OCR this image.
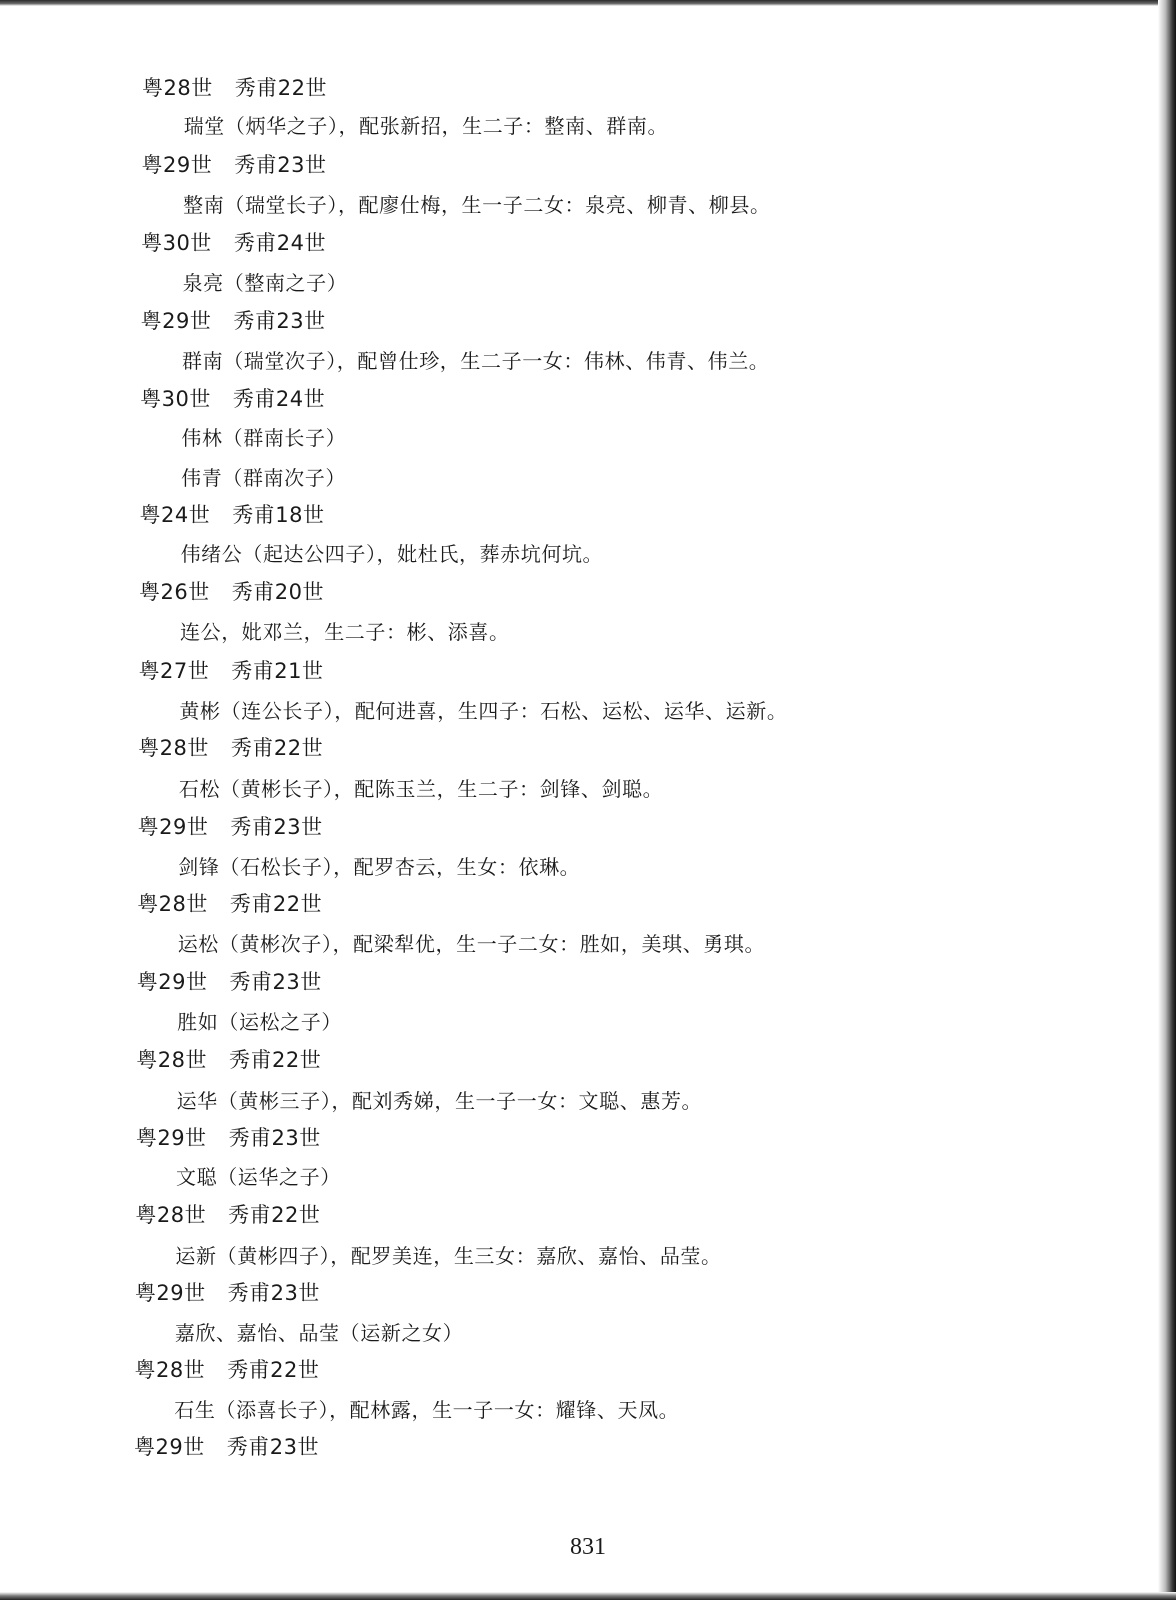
粤28世 秀甫22世
瑞堂（炳华之子），配张新招，生二子：整南、群南。
粤29世 秀甫23世
整南（瑞堂长子），配廖仕梅，生一子二女：泉亮、柳青、柳县。
粤30世 秀甫24世
泉亮（整南之子）
粤29世 秀甫23世
群南（瑞堂次子），配曾仕珍，生二子一女：伟林、伟青、伟兰。
粤30世 秀甫24世
伟林（群南长子）
伟青（群南次子）
粤24世 秀甫18世
伟绪公（起达公四子），妣杜氏，葬赤坑何坑。
粤26世 秀甫20世
连公，妣邓兰，生二子：彬、添喜。
粤27世 秀甫21世
黄彬（连公长子），配何进喜，生四子：石松、运松、运华、运新。
粤28世 秀甫22世
石松（黄彬长子），配陈玉兰，生二子：剑锋、剑聪。
粤29世 秀甫23世
剑锋（石松长子），配罗杏云，生女：依琳。
粤28世 秀甫22世
运松（黄彬次子），配梁犁优，生一子二女：胜如，美琪、勇琪。
粤29世 秀甫23世
胜如（运松之子）
粤28世 秀甫22世
运华（黄彬三子），配刘秀娣，生一子一女：文聪、惠芳。
粤29世 秀甫23世
文聪（运华之子）
粤28世 秀甫22世
运新（黄彬四子），配罗美连，生三女：嘉欣、嘉怡、品莹。
粤29世 秀甫23世
嘉欣、嘉怡、品莹（运新之女）
粤28世 秀甫22世
石生（添喜长子），配林露，生一子一女：耀锋、天凤。
粤29世 秀甫23世
831
